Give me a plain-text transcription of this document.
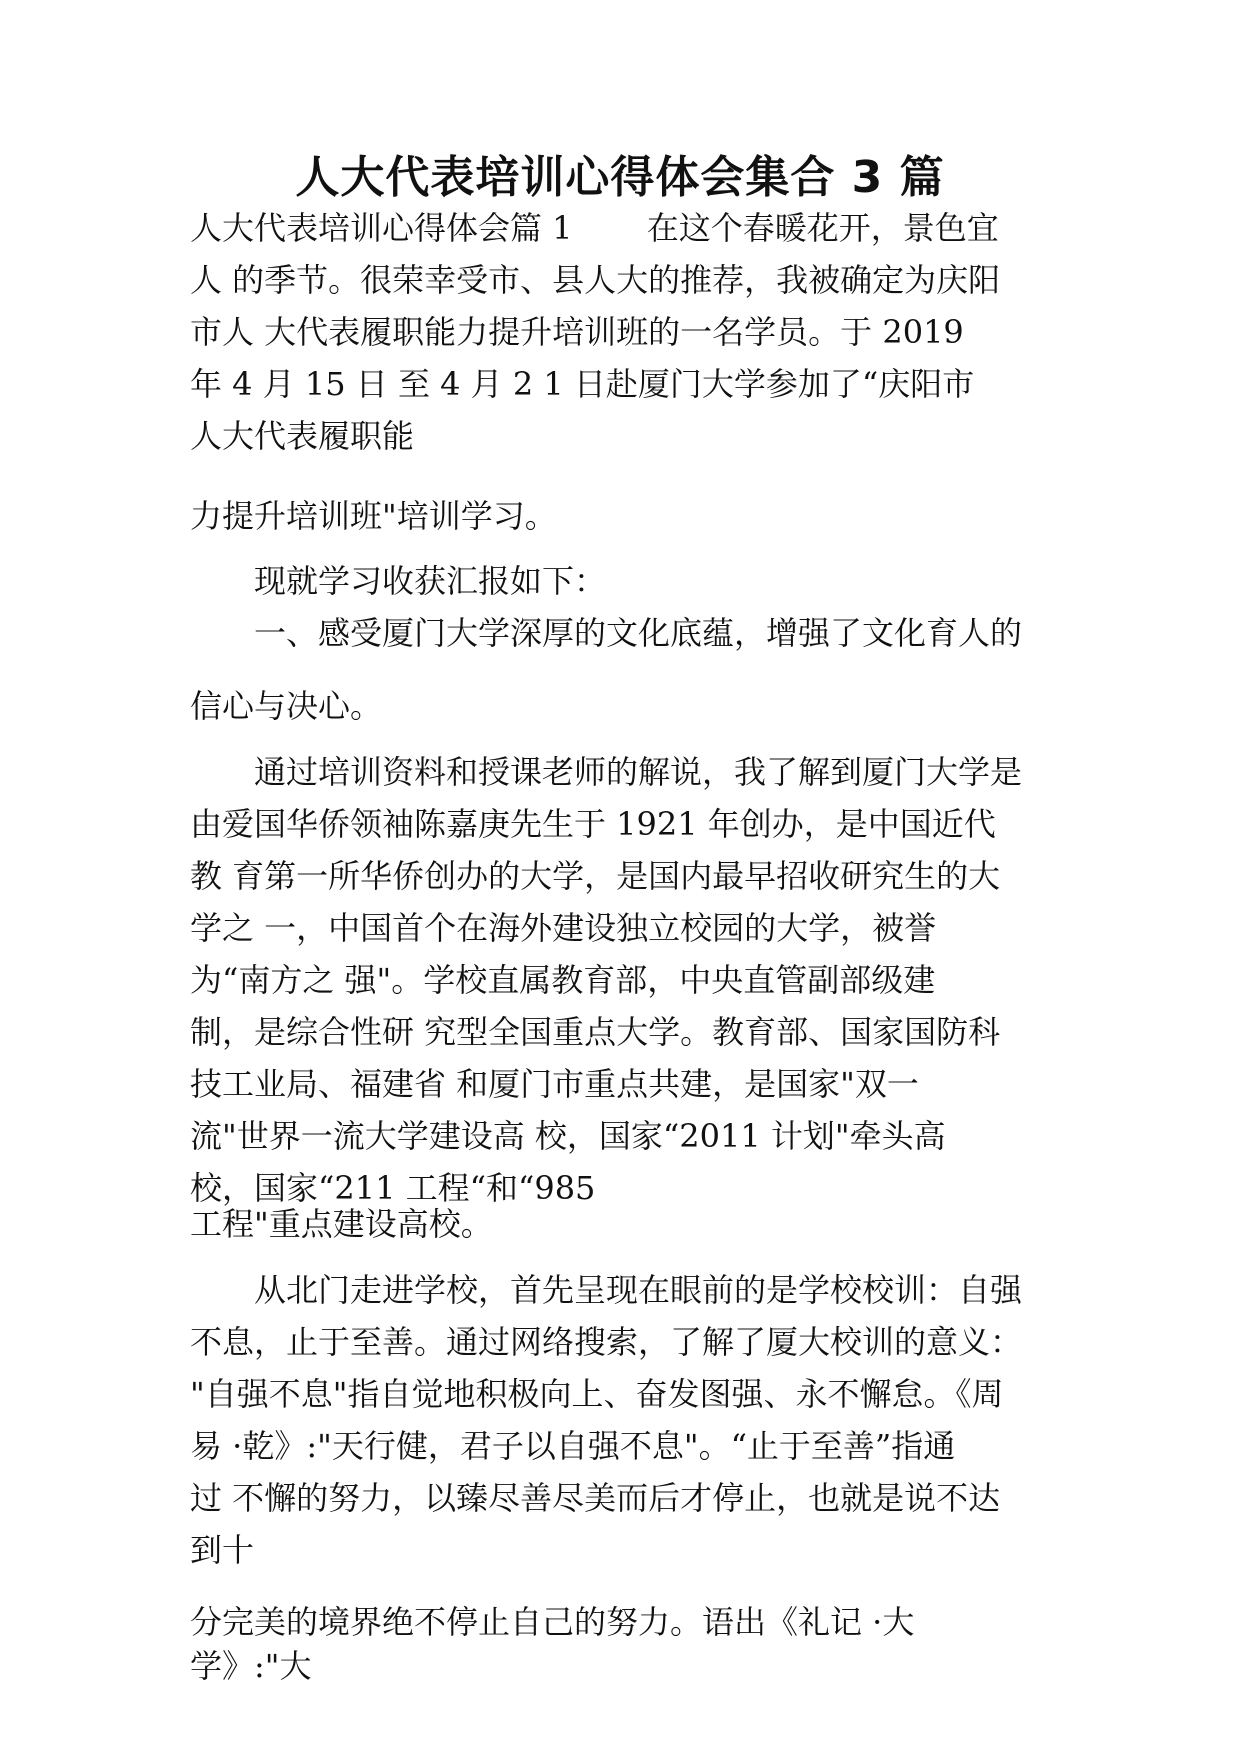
人大代表培训心得体会集合 3 篇
人大代表培训心得体会篇 1　　 在这个春暖花开，景色宜
人 的季节。很荣幸受市、县人大的推荐，我被确定为庆阳
市人 大代表履职能力提升培训班的一名学员。于 2019
年 4 月 15 日 至 4 月 2 1 日赴厦门大学参加了“庆阳市
人大代表履职能
力提升培训班"培训学习。
现就学习收获汇报如下：
一、感受厦门大学深厚的文化底蕴，增强了文化育人的
信心与决心。
通过培训资料和授课老师的解说，我了解到厦门大学是
由爱国华侨领袖陈嘉庚先生于 1921 年创办，是中国近代
教 育第一所华侨创办的大学，是国内最早招收研究生的大
学之 一，中国首个在海外建设独立校园的大学，被誉
为“南方之 强"。学校直属教育部，中央直管副部级建
制，是综合性研 究型全国重点大学。教育部、国家国防科
技工业局、福建省 和厦门市重点共建，是国家"双一
流"世界一流大学建设高 校，国家“2011 计划"牵头高
校，国家“211 工程“和“985
工程"重点建设高校。
从北门走进学校，首先呈现在眼前的是学校校训：自强
不息，止于至善。通过网络搜索，了解了厦大校训的意义：
"自强不息"指自觉地积极向上、奋发图强、永不懈怠。《周
易 ·乾》:"天行健，君子以自强不息"。“止于至善”指通
过 不懈的努力，以臻尽善尽美而后才停止，也就是说不达
到十
分完美的境界绝不停止自己的努力。语出《礼记 ·大
学》:"大
